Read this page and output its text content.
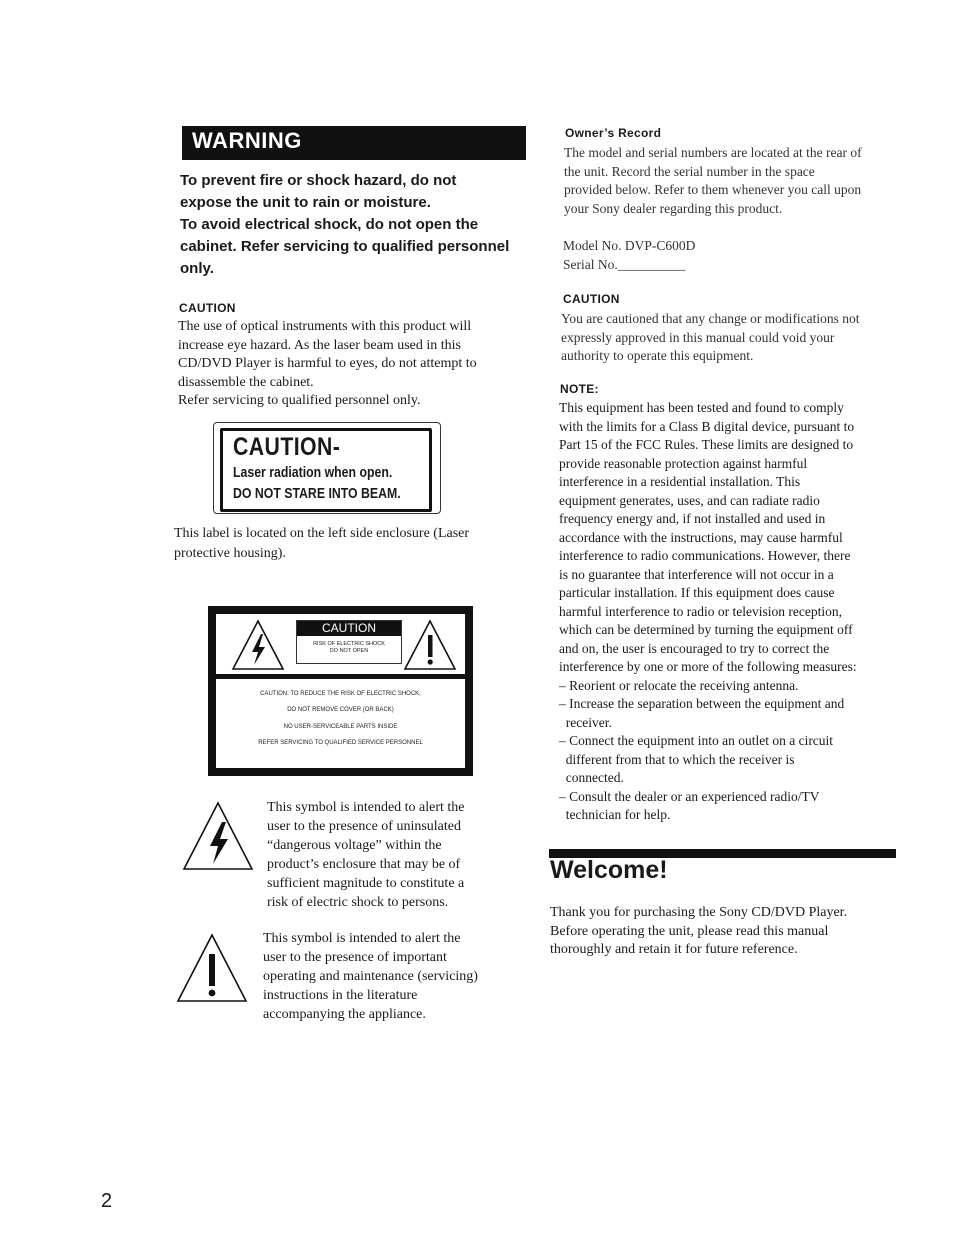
WARNING

To prevent fire or shock hazard, do not

expose the unit to rain or moisture.

To avoid electrical shock, do not open the

cabinet. Refer servicing to qualified personnel

only.

CAUTION

The use of optical instruments with this product will

increase eye hazard. As the laser beam used in this

CD/DVD Player is harmful to eyes, do not attempt to

disassemble the cabinet.

Refer servicing to qualified personnel only.

CAUTION-
Laser radiation when open.
DO NOT STARE INTO BEAM.

This label is located on the left side enclosure (Laser

protective housing).

CAUTION
RISK OF ELECTRIC SHOCK
DO NOT OPEN
CAUTION: TO REDUCE THE RISK OF ELECTRIC SHOCK,
DO NOT REMOVE COVER (OR BACK)
NO USER-SERVICEABLE PARTS INSIDE
REFER SERVICING TO QUALIFIED SERVICE PERSONNEL
This symbol is intended to alert the
user to the presence of uninsulated
“dangerous voltage” within the
product’s enclosure that may be of
sufficient magnitude to constitute a
risk of electric shock to persons.
This symbol is intended to alert the
user to the presence of important
operating and maintenance (servicing)
instructions in the literature
accompanying the appliance.
Owner’s Record

The model and serial numbers are located at the rear of

the unit. Record the serial number in the space

provided below. Refer to them whenever you call upon

your Sony dealer regarding this product.

Model No. DVP-C600D
Serial No.__________
CAUTION

You are cautioned that any change or modifications not

expressly approved in this manual could void your

authority to operate this equipment.

NOTE:

This equipment has been tested and found to comply

with the limits for a Class B digital device, pursuant to

Part 15 of the FCC Rules. These limits are designed to

provide reasonable protection against harmful

interference in a residential installation. This

equipment generates, uses, and can radiate radio

frequency energy and, if not installed and used in

accordance with the instructions, may cause harmful

interference to radio communications. However, there

is no guarantee that interference will not occur in a

particular installation. If this equipment does cause

harmful interference to radio or television reception,

which can be determined by turning the equipment off

and on, the user is encouraged to try to correct the

interference by one or more of the following measures:

– Reorient or relocate the receiving antenna.

– Increase the separation between the equipment and

receiver.

– Connect the equipment into an outlet on a circuit

different from that to which the receiver is

connected.

– Consult the dealer or an experienced radio/TV

technician for help.

Welcome!

Thank you for purchasing the Sony CD/DVD Player.

Before operating the unit, please read this manual

thoroughly and retain it for future reference.

2
